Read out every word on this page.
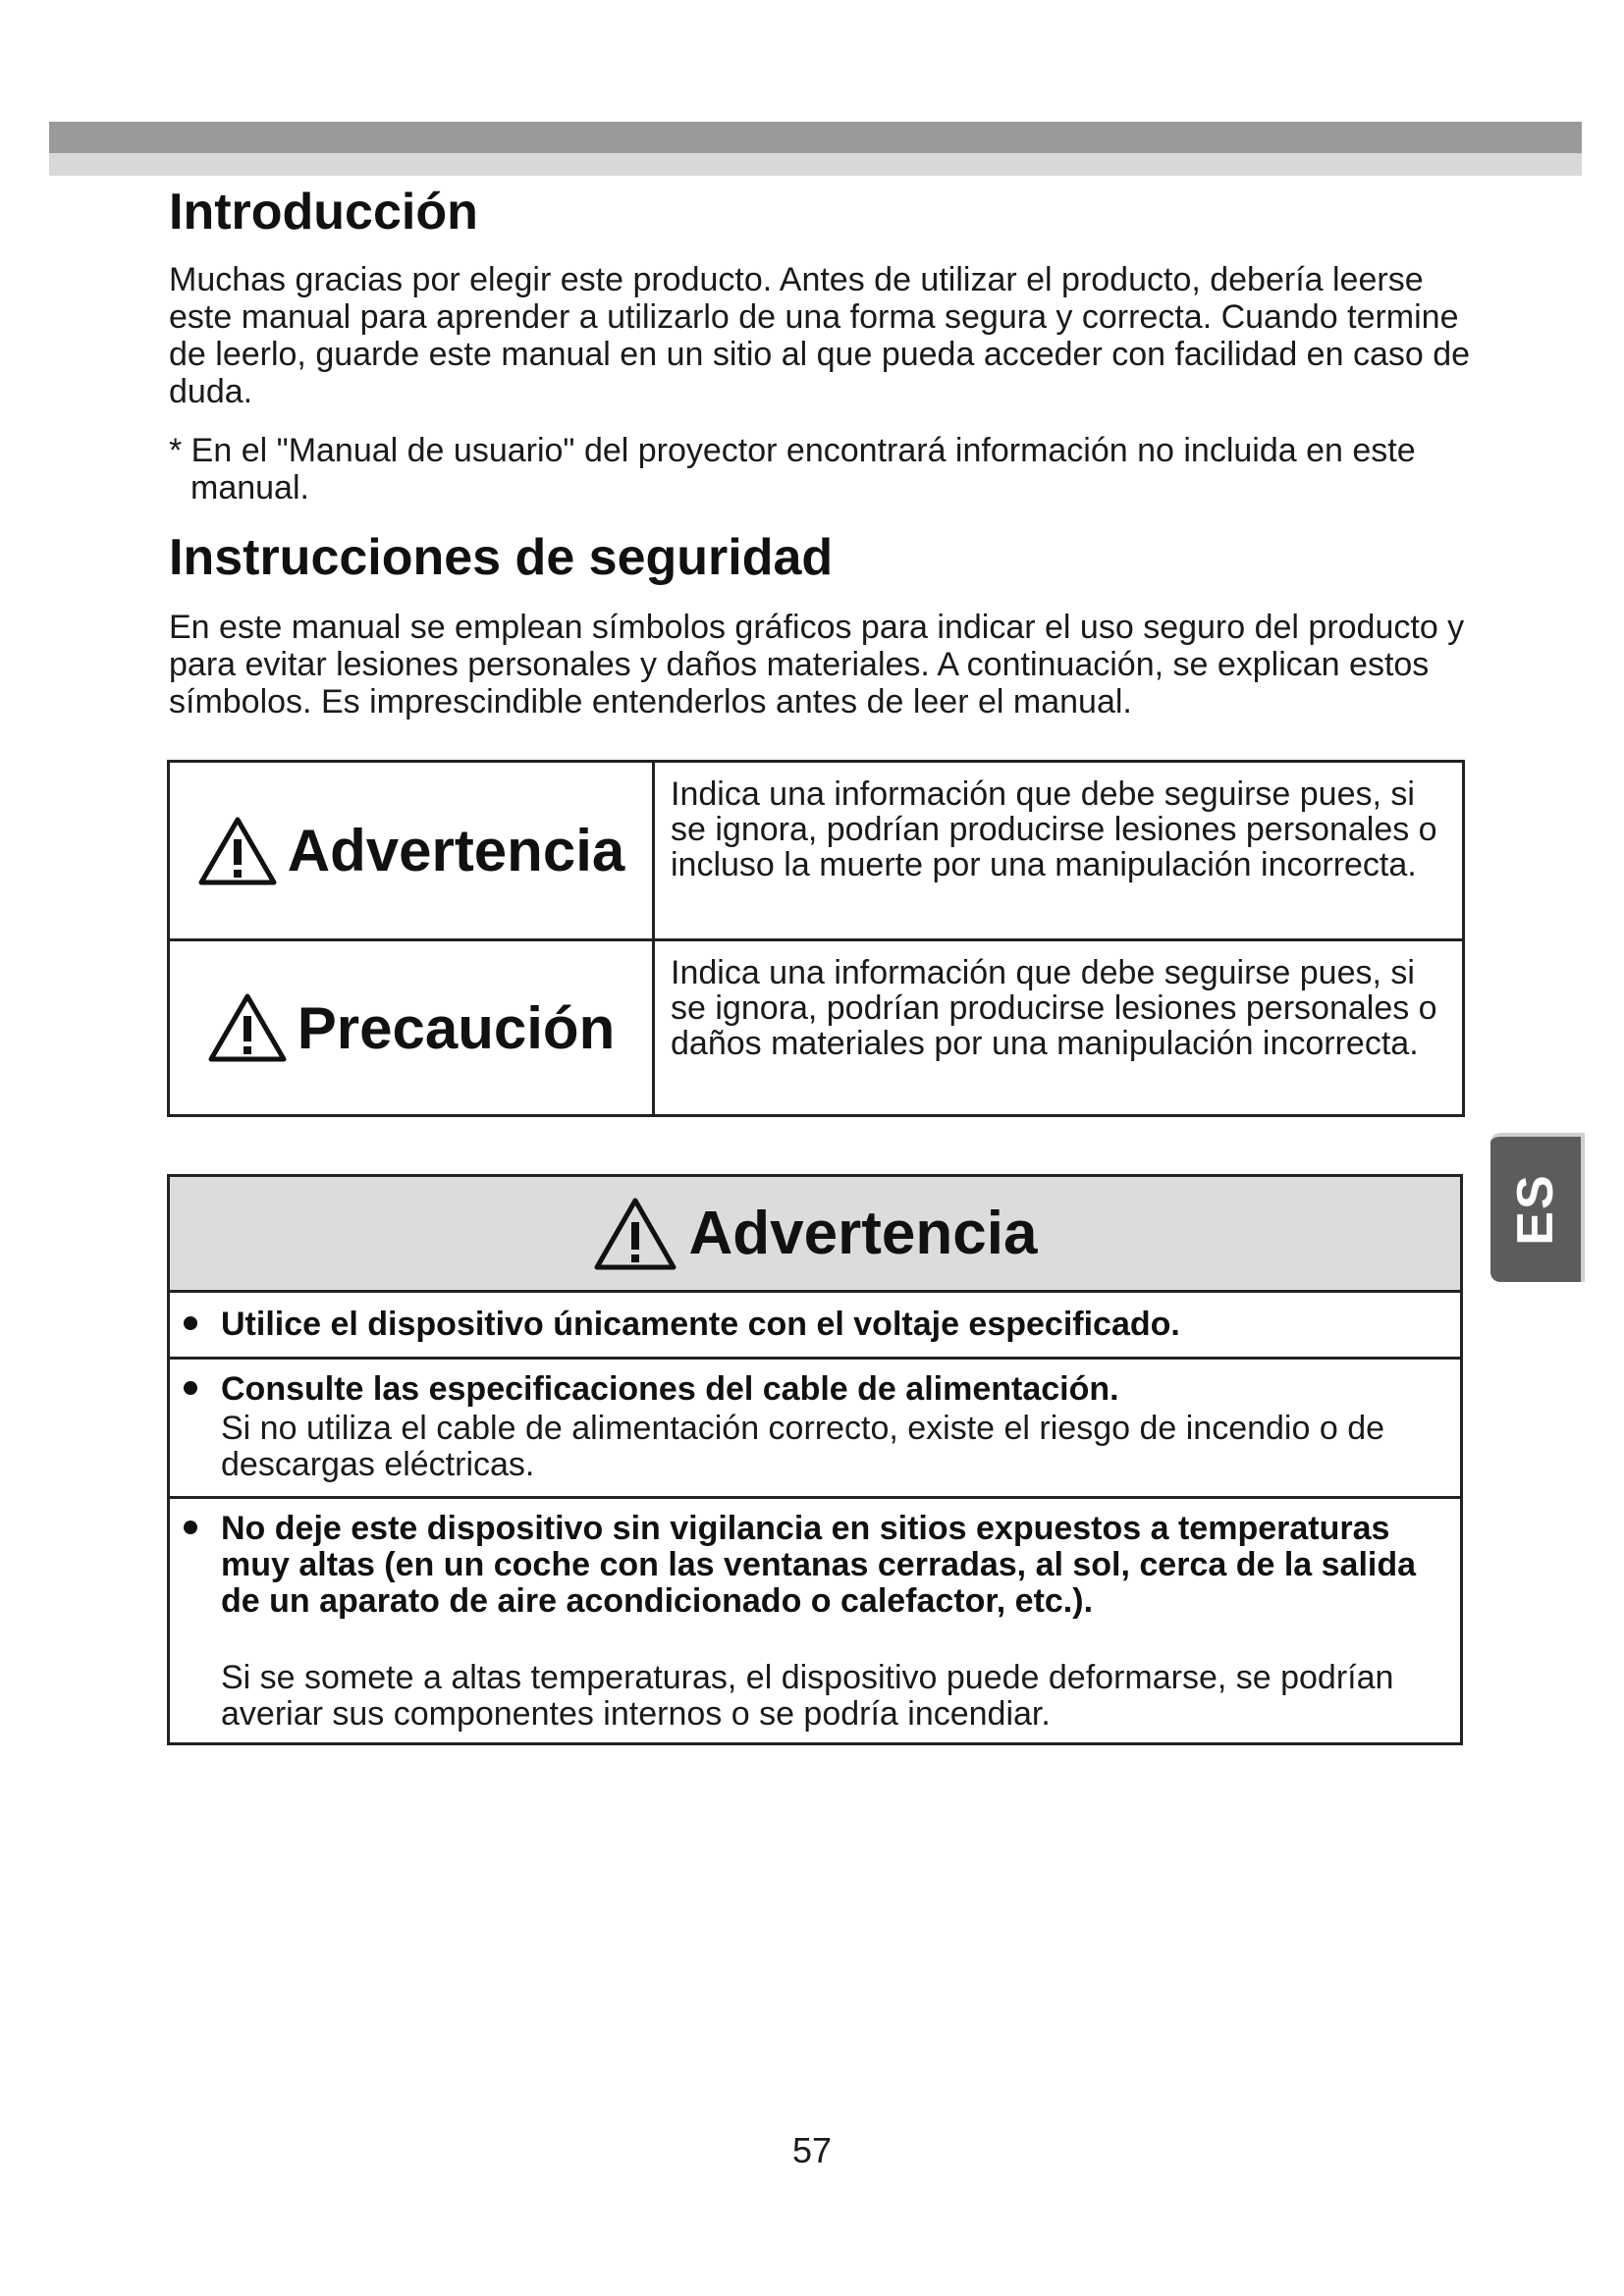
Introducción

Muchas gracias por elegir este producto. Antes de utilizar el producto, debería leerse este manual para aprender a utilizarlo de una forma segura y correcta. Cuando termine de leerlo, guarde este manual en un sitio al que pueda acceder con facilidad en caso de duda.

* En el "Manual de usuario" del proyector encontrará información no incluida en este manual.

Instrucciones de seguridad

En este manual se emplean símbolos gráficos para indicar el uso seguro del producto y para evitar lesiones personales y daños materiales. A continuación, se explican estos símbolos. Es imprescindible entenderlos antes de leer el manual.

Advertencia

Indica una información que debe seguirse pues, si se ignora, podrían producirse lesiones personales o incluso la muerte por una manipulación incorrecta.

Precaución

Indica una información que debe seguirse pues, si se ignora, podrían producirse lesiones personales o daños materiales por una manipulación incorrecta.

Advertencia

Utilice el dispositivo únicamente con el voltaje especificado.

Consulte las especificaciones del cable de alimentación.

Si no utiliza el cable de alimentación correcto, existe el riesgo de incendio o de descargas eléctricas.

No deje este dispositivo sin vigilancia en sitios expuestos a temperaturas muy altas (en un coche con las ventanas cerradas, al sol, cerca de la salida de un aparato de aire acondicionado o calefactor, etc.).

Si se somete a altas temperaturas, el dispositivo puede deformarse, se podrían averiar sus componentes internos o se podría incendiar.

ES
57
